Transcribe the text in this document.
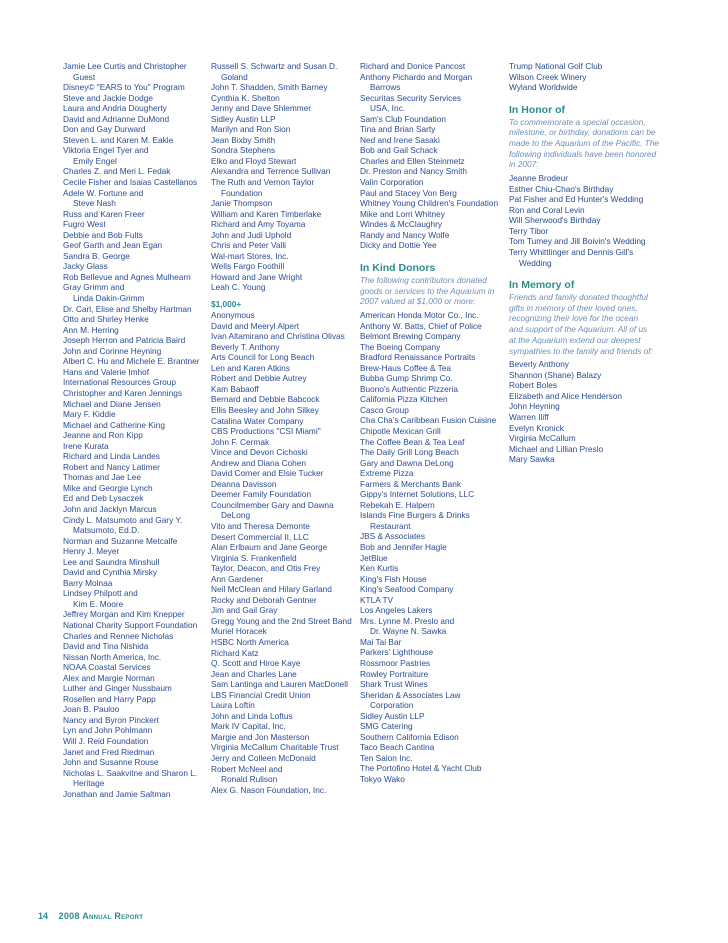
Jamie Lee Curtis and Christopher
Guest
Disney© "EARS to You" Program
Steve and Jackie Dodge
Laura and Andria Dougherty
David and Adrianne DuMond
Don and Gay Durward
Steven L. and Karen M. Eakle
Viktoria Engel Tyer and
Emily Engel
Charles Z. and Meri L. Fedak
Cecile Fisher and Isaias Castellanos
Adele W. Fortune and
Steve Nash
Russ and Karen Freer
Fugro West
Debbie and Bob Fults
Geof Garth and Jean Egan
Sandra B. George
Jacky Glass
Rob Bellevue and Agnes Mulhearn
Gray Grimm and
Linda Dakin-Grimm
Dr. Carl, Elise and Shelby Hartman
Otto and Shirley Henke
Ann M. Herring
Joseph Herron and Patricia Baird
John and Corinne Heyning
Albert C. Hu and Michele E. Brantner
Hans and Valerie Imhof
International Resources Group
Christopher and Karen Jennings
Michael and Diane Jensen
Mary F. Kiddie
Michael and Catherine King
Jeanne and Ron Kipp
Irene Kurata
Richard and Linda Landes
Robert and Nancy Latimer
Thomas and Jae Lee
Mike and Georgie Lynch
Ed and Deb Lysaczek
John and Jacklyn Marcus
Cindy L. Matsumoto and Gary Y.
Matsumoto, Ed.D.
Norman and Suzanne Metcalfe
Henry J. Meyer
Lee and Saundra Minshull
David and Cynthia Mirsky
Barry Molnaa
Lindsey Philpott and
Kim E. Moore
Jeffrey Morgan and Kim Knepper
National Charity Support Foundation
Charles and Rennee Nicholas
David and Tina Nishida
Nissan North America, Inc.
NOAA Coastal Services
Alex and Margie Norman
Luther and Ginger Nussbaum
Rosellen and Harry Papp
Joan B. Pauloo
Nancy and Byron Pinckert
Lyn and John Pohlmann
Will J. Reid Foundation
Janet and Fred Riedman
John and Susanne Rouse
Nicholas L. Saakvitne and Sharon L.
Heritage
Jonathan and Jamie Saltman
Russell S. Schwartz and Susan D.
Goland
John T. Shadden, Smith Barney
Cynthia K. Shelton
Jenny and Dave Shlemmer
Sidley Austin LLP
Marilyn and Ron Sion
Jean Bixby Smith
Sondra Stephens
Elko and Floyd Stewart
Alexandra and Terrence Sullivan
The Ruth and Vernon Taylor
Foundation
Janie Thompson
William and Karen Timberlake
Richard and Amy Toyama
John and Judi Uphold
Chris and Peter Valli
Wal-mart Stores, Inc.
Wells Fargo Foothill
Howard and Jane Wright
Leah C. Young
$1,000+
Anonymous
David and Meeryl Alpert
Ivan Altamirano and Christina Olivas
Beverly T. Anthony
Arts Council for Long Beach
Len and Karen Atkins
Robert and Debbie Autrey
Kam Babaoff
Bernard and Debbie Babcock
Ellis Beesley and John Silkey
Catalina Water Company
CBS Productions "CSI Miami"
John F. Cermak
Vince and Devon Cichoski
Andrew and Diana Cohen
David Corner and Elsie Tucker
Deanna Davisson
Deemer Family Foundation
Councilmember Gary and Dawna
DeLong
Vito and Theresa Demonte
Desert Commercial II, LLC
Alan Erlbaum and Jane George
Virginia S. Frankenfield
Taylor, Deacon, and Otis Frey
Ann Gardener
Neil McClean and Hilary Garland
Rocky and Deborah Gentner
Jim and Gail Gray
Gregg Young and the 2nd Street Band
Muriel Horacek
HSBC North America
Richard Katz
Q. Scott and Hiroe Kaye
Jean and Charles Lane
Sam Lantinga and Lauren MacDonell
LBS Financial Credit Union
Laura Loftin
John and Linda Loftus
Mark IV Capital, Inc.
Margie and Jon Masterson
Virginia McCallum Charitable Trust
Jerry and Colleen McDonald
Robert McNeel and
Ronald Rulison
Alex G. Nason Foundation, Inc.
Richard and Donice Pancost
Anthony Pichardo and Morgan
Barrows
Securitas Security Services
USA, Inc.
Sam's Club Foundation
Tina and Brian Sarty
Ned and Irene Sasaki
Bob and Gail Schack
Charles and Ellen Steinmetz
Dr. Preston and Nancy Smith
Valin Corporation
Paul and Stacey Von Berg
Whitney Young Children's Foundation
Mike and Lorri Whitney
Windes & McClaughry
Randy and Nancy Wolfe
Dicky and Dottie Yee
In Kind Donors
The following contributors donated
goods or services to the Aquarium in
2007 valued at $1,000 or more:
American Honda Motor Co., Inc.
Anthony W. Batts, Chief of Police
Belmont Brewing Company
The Boeing Company
Bradford Renaissance Portraits
Brew-Haus Coffee & Tea
Bubba Gump Shrimp Co.
Buono's Authentic Pizzeria
California Pizza Kitchen
Casco Group
Cha Cha's Caribbean Fusion Cuisine
Chipotle Mexican Grill
The Coffee Bean & Tea Leaf
The Daily Grill Long Beach
Gary and Dawna DeLong
Extreme Pizza
Farmers & Merchants Bank
Gippy's Internet Solutions, LLC
Rebekah E. Halpern
Islands Fine Burgers & Drinks
Restaurant
JBS & Associates
Bob and Jennifer Hagle
JetBlue
Ken Kurtis
King's Fish House
King's Seafood Company
KTLA TV
Los Angeles Lakers
Mrs. Lynne M. Preslo and
Dr. Wayne N. Sawka
Mai Tai Bar
Parkers' Lighthouse
Rossmoor Pastries
Rowley Portraiture
Shark Trust Wines
Sheridan & Associates Law
Corporation
Sidley Austin LLP
SMG Catering
Southern California Edison
Taco Beach Cantina
Ten Salon Inc.
The Portofino Hotel & Yacht Club
Tokyo Wako
Trump National Golf Club
Wilson Creek Winery
Wyland Worldwide
In Honor of
To commemorate a special occasion,
milestone, or birthday, donations can be
made to the Aquarium of the Pacific. The
following individuals have been honored
in 2007:
Jeanne Brodeur
Esther Chiu-Chao's Birthday
Pat Fisher and Ed Hunter's Wedding
Ron and Coral Levin
Will Sherwood's Birthday
Terry Tibor
Tom Tumey and Jill Boivin's Wedding
Terry Whittlinger and Dennis Gill's
Wedding
In Memory of
Friends and family donated thoughtful
gifts in memory of their loved ones,
recognizing their love for the ocean
and support of the Aquarium. All of us
at the Aquarium extend our deepest
sympathies to the family and friends of:
Beverly Anthony
Shannon (Shane) Balazy
Robert Boles
Elizabeth and Alice Henderson
John Heyning
Warren Iliff
Evelyn Kronick
Virginia McCallum
Michael and Lillian Preslo
Mary Sawka
14 2008 Annual Report
